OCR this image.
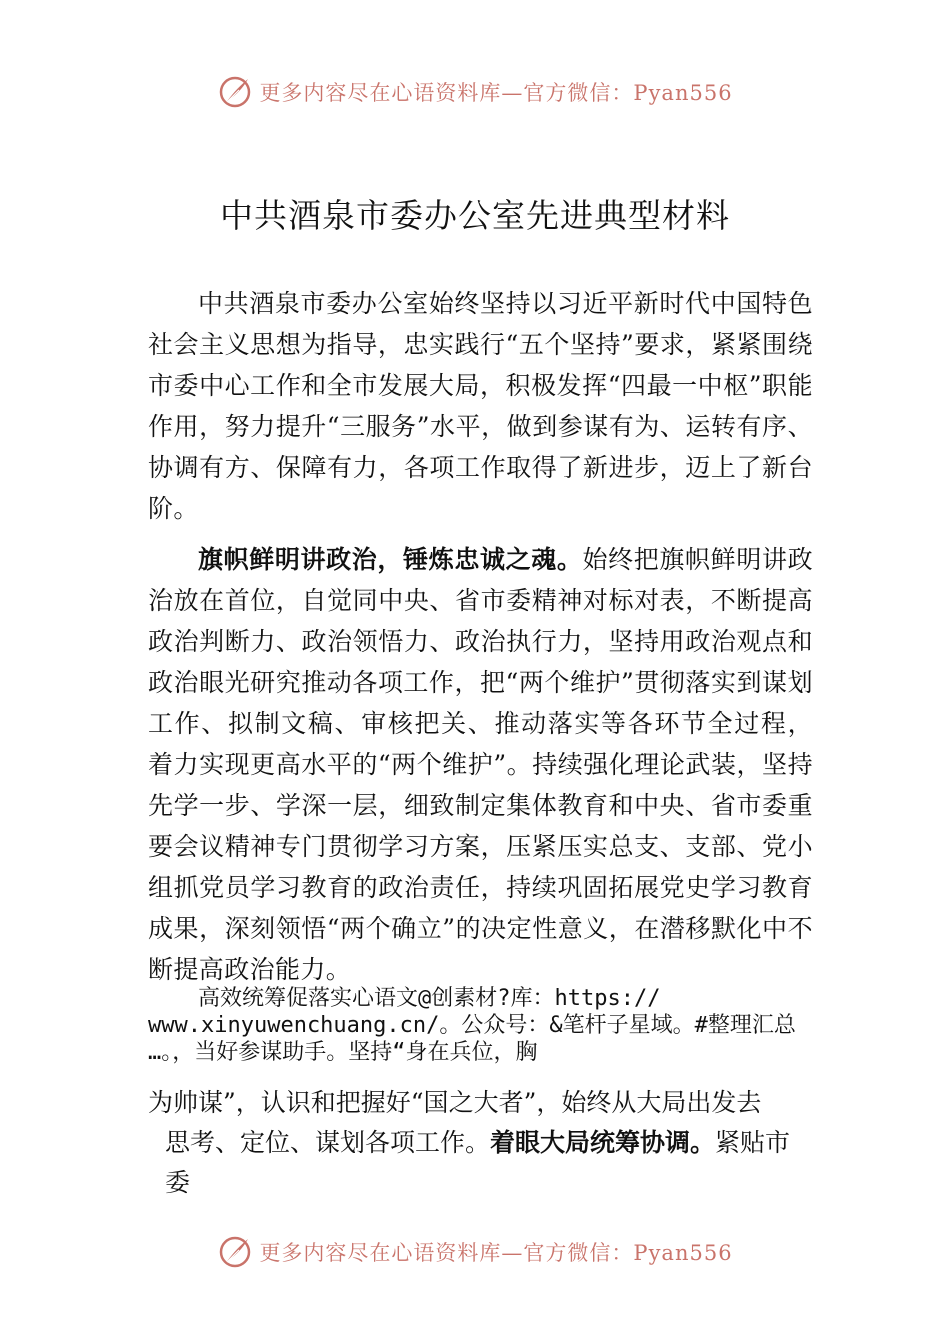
更多内容尽在心语资料库—官方微信：Pyan556
中共酒泉市委办公室先进典型材料

中共酒泉市委办公室始终坚持以习近平新时代中国特色社会主义思想为指导，忠实践行“五个坚持”要求，紧紧围绕市委中心工作和全市发展大局，积极发挥“四最一中枢”职能作用，努力提升“三服务”水平，做到参谋有为、运转有序、协调有方、保障有力，各项工作取得了新进步，迈上了新台阶。

旗帜鲜明讲政治，锤炼忠诚之魂。始终把旗帜鲜明讲政治放在首位，自觉同中央、省市委精神对标对表，不断提高政治判断力、政治领悟力、政治执行力，坚持用政治观点和政治眼光研究推动各项工作，把“两个维护”贯彻落实到谋划工作、拟制文稿、审核把关、推动落实等各环节全过程， 着力实现更高水平的“两个维护”。持续强化理论武装，坚持先学一步、学深一层，细致制定集体教育和中央、省市委重要会议精神专门贯彻学习方案，压紧压实总支、支部、党小组抓党员学习教育的政治责任，持续巩固拓展党史学习教育成果，深刻领悟“两个确立”的决定性意义，在潜移默化中不断提高政治能力。

高效统筹促落实心语文@创素材?库：https://
www.xinyuwenchuang.cn/。公众号：&笔杆子星域。#整理汇总
…。，当好参谋助手。坚持“身在兵位，胸
为帅谋”，认识和把握好“国之大者”，始终从大局出发去
思考、定位、谋划各项工作。着眼大局统筹协调。紧贴市委
更多内容尽在心语资料库—官方微信：Pyan556
